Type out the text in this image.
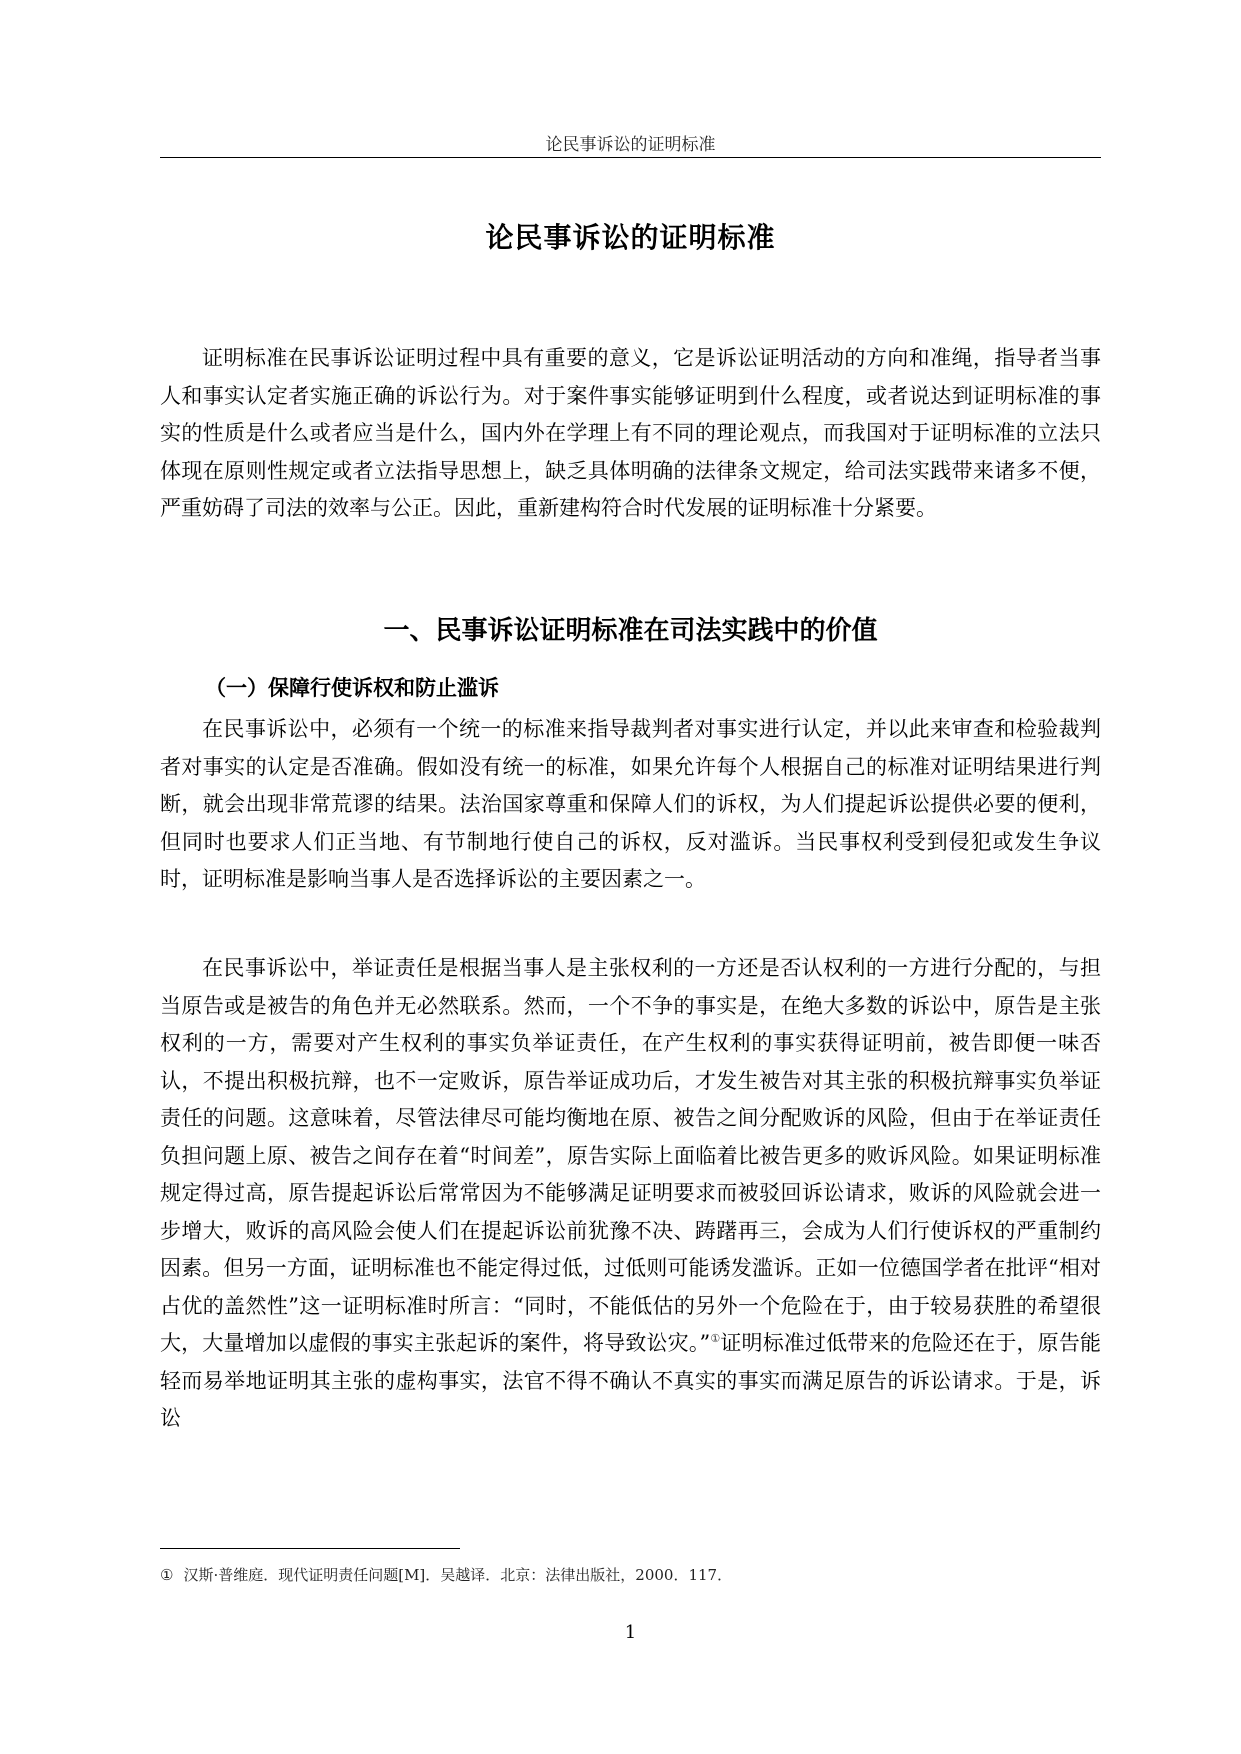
论民事诉讼的证明标准
论民事诉讼的证明标准

证明标准在民事诉讼证明过程中具有重要的意义，它是诉讼证明活动的方向和准绳，指导者当事人和事实认定者实施正确的诉讼行为。对于案件事实能够证明到什么程度，或者说达到证明标准的事实的性质是什么或者应当是什么，国内外在学理上有不同的理论观点，而我国对于证明标准的立法只体现在原则性规定或者立法指导思想上，缺乏具体明确的法律条文规定，给司法实践带来诸多不便，严重妨碍了司法的效率与公正。因此，重新建构符合时代发展的证明标准十分紧要。

一、民事诉讼证明标准在司法实践中的价值
（一）保障行使诉权和防止滥诉

在民事诉讼中，必须有一个统一的标准来指导裁判者对事实进行认定，并以此来审查和检验裁判者对事实的认定是否准确。假如没有统一的标准，如果允许每个人根据自己的标准对证明结果进行判断，就会出现非常荒谬的结果。法治国家尊重和保障人们的诉权，为人们提起诉讼提供必要的便利，但同时也要求人们正当地、有节制地行使自己的诉权，反对滥诉。当民事权利受到侵犯或发生争议时，证明标准是影响当事人是否选择诉讼的主要因素之一。

在民事诉讼中，举证责任是根据当事人是主张权利的一方还是否认权利的一方进行分配的，与担当原告或是被告的角色并无必然联系。然而，一个不争的事实是，在绝大多数的诉讼中，原告是主张权利的一方，需要对产生权利的事实负举证责任，在产生权利的事实获得证明前，被告即便一味否认，不提出积极抗辩，也不一定败诉，原告举证成功后，才发生被告对其主张的积极抗辩事实负举证责任的问题。这意味着，尽管法律尽可能均衡地在原、被告之间分配败诉的风险，但由于在举证责任负担问题上原、被告之间存在着“时间差”，原告实际上面临着比被告更多的败诉风险。如果证明标准规定得过高，原告提起诉讼后常常因为不能够满足证明要求而被驳回诉讼请求，败诉的风险就会进一步增大，败诉的高风险会使人们在提起诉讼前犹豫不决、踌躇再三，会成为人们行使诉权的严重制约因素。但另一方面，证明标准也不能定得过低，过低则可能诱发滥诉。正如一位德国学者在批评“相对占优的盖然性”这一证明标准时所言：“同时，不能低估的另外一个危险在于，由于较易获胜的希望很大，大量增加以虚假的事实主张起诉的案件，将导致讼灾。”①证明标准过低带来的危险还在于，原告能轻而易举地证明其主张的虚构事实，法官不得不确认不真实的事实而满足原告的诉讼请求。于是，诉讼

① 汉斯·普维庭．现代证明责任问题[M]．吴越译．北京：法律出版社，2000．117．
1
